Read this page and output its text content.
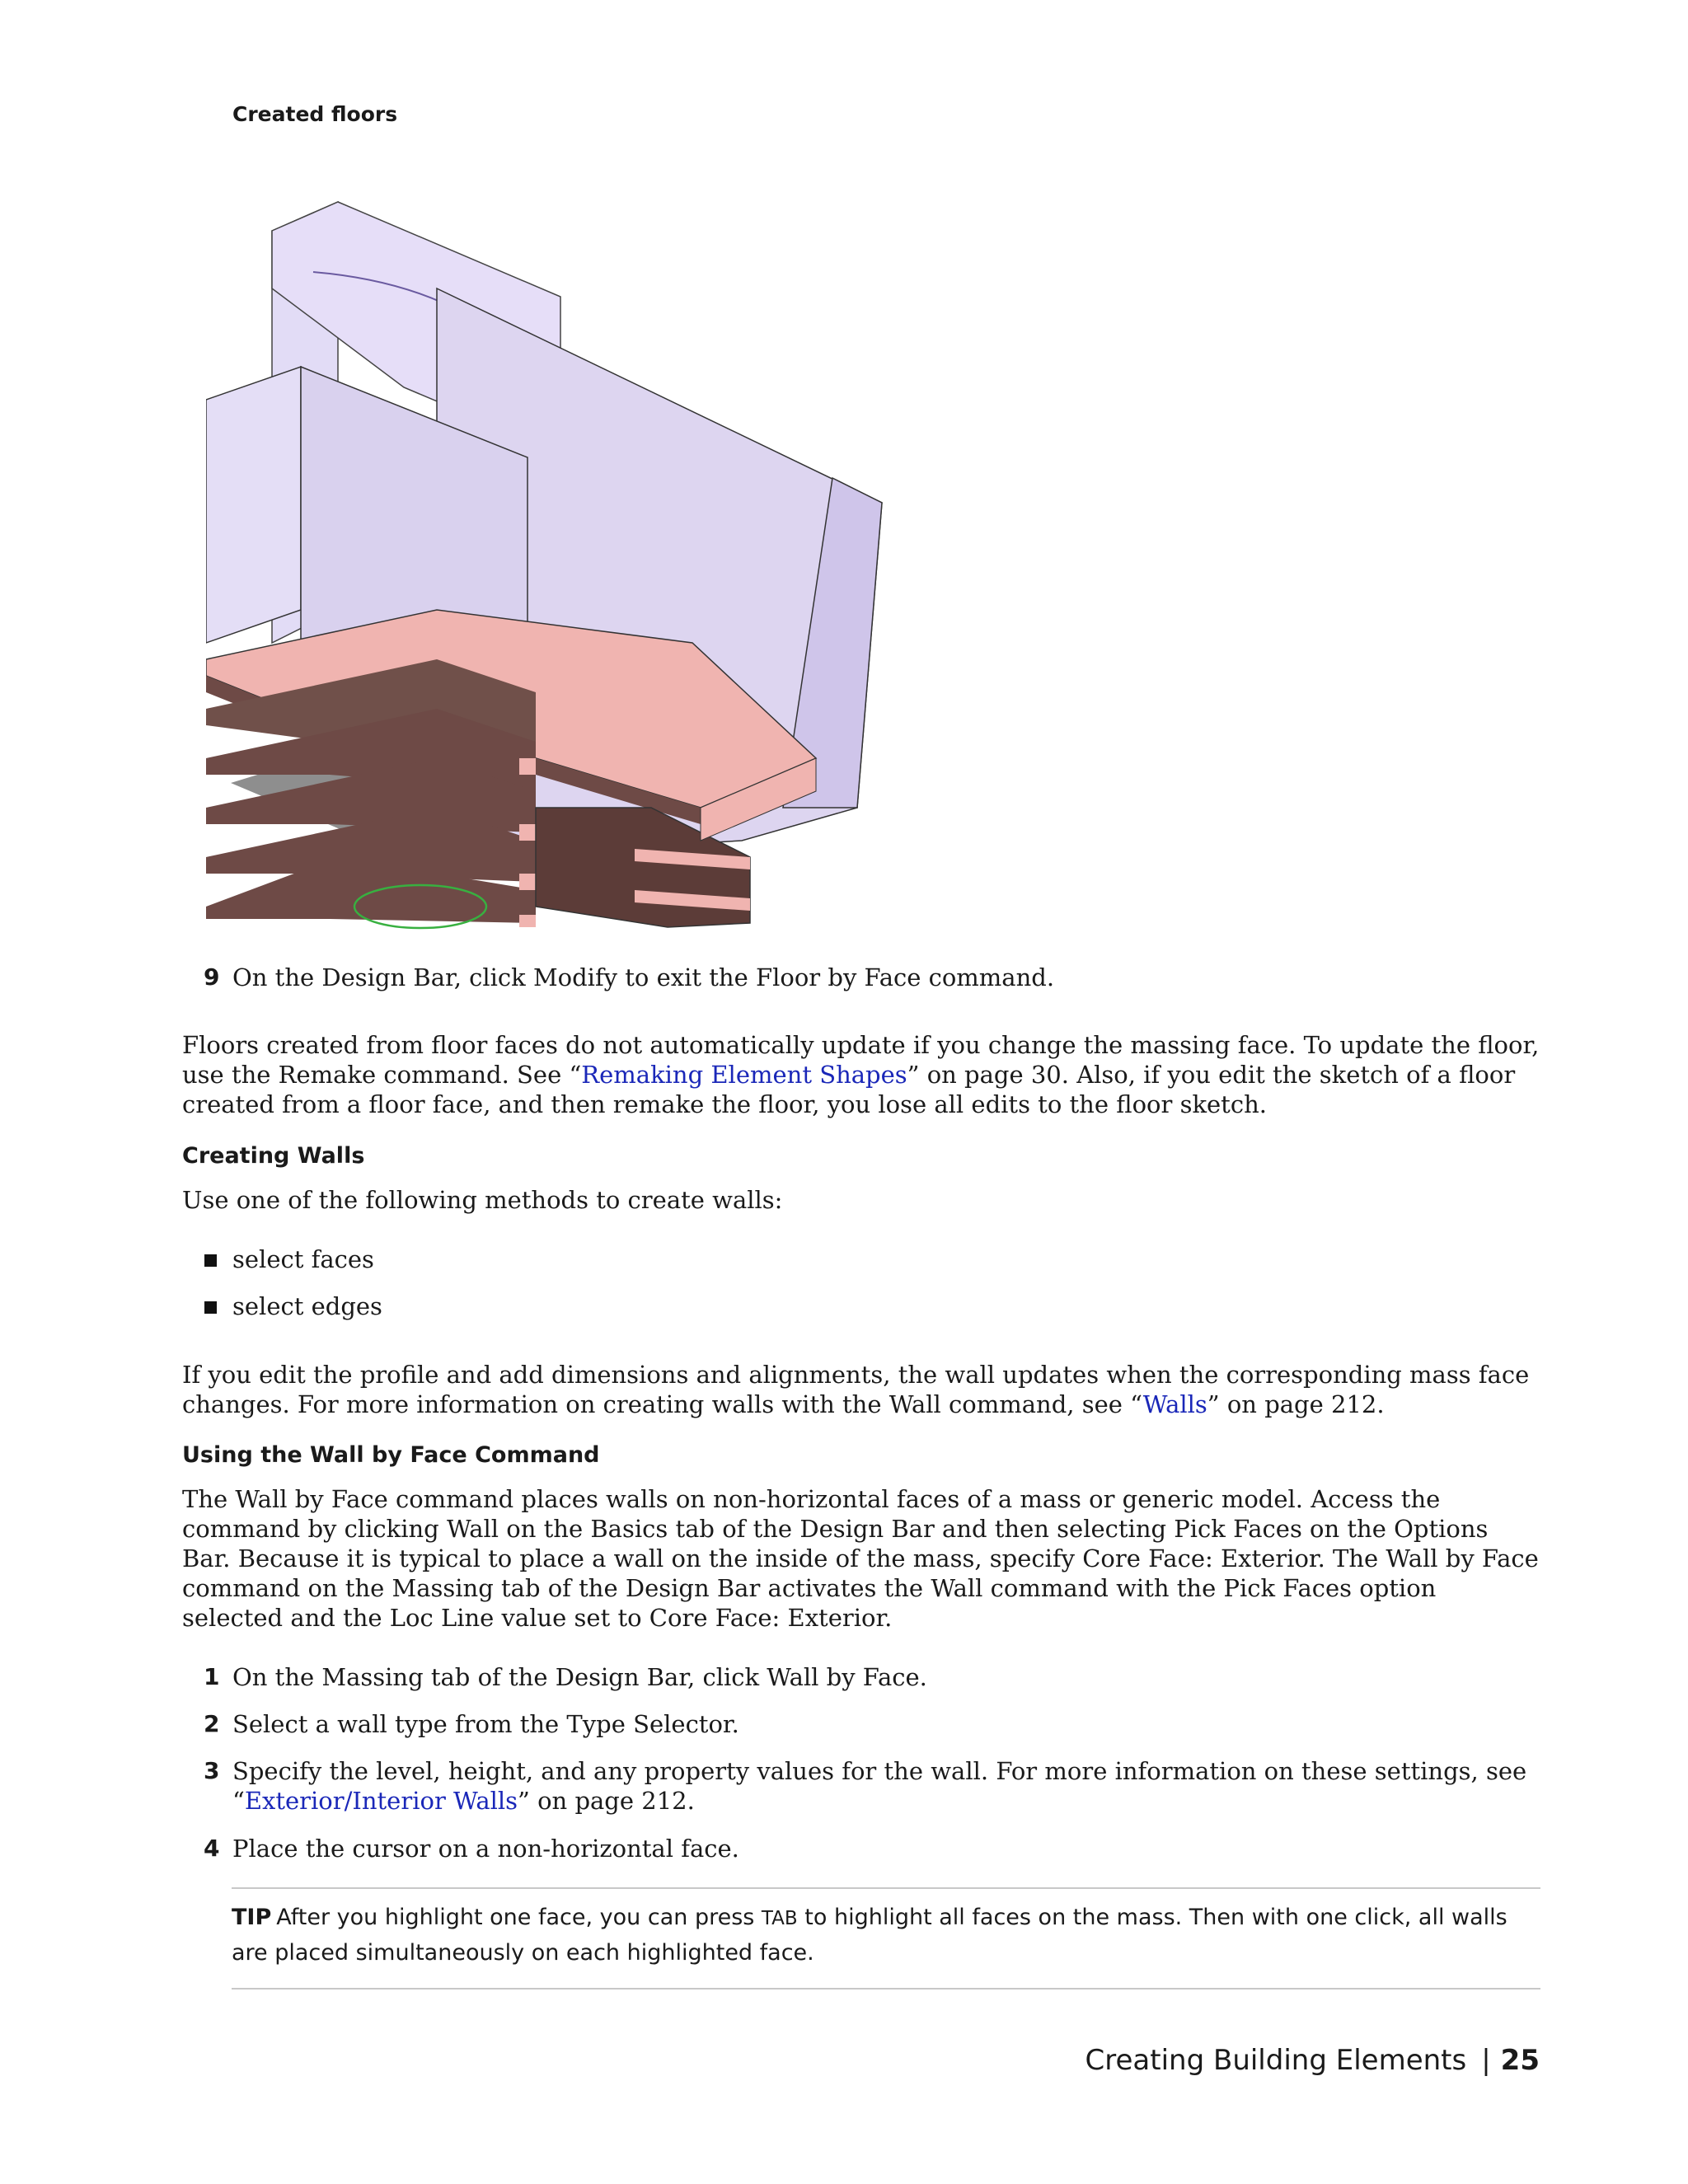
Created floors
9 On the Design Bar, click Modify to exit the Floor by Face command.
Floors created from floor faces do not automatically update if you change the massing face. To update the floor, use the Remake command. See “Remaking Element Shapes” on page 30. Also, if you edit the sketch of a floor created from a floor face, and then remake the floor, you lose all edits to the floor sketch.
Creating Walls
Use one of the following methods to create walls:
select faces
select edges
If you edit the profile and add dimensions and alignments, the wall updates when the corresponding mass face changes. For more information on creating walls with the Wall command, see “Walls” on page 212.
Using the Wall by Face Command
The Wall by Face command places walls on non-horizontal faces of a mass or generic model. Access the command by clicking Wall on the Basics tab of the Design Bar and then selecting Pick Faces on the Options Bar. Because it is typical to place a wall on the inside of the mass, specify Core Face: Exterior. The Wall by Face command on the Massing tab of the Design Bar activates the Wall command with the Pick Faces option selected and the Loc Line value set to Core Face: Exterior.
1 On the Massing tab of the Design Bar, click Wall by Face.
2 Select a wall type from the Type Selector.
3 Specify the level, height, and any property values for the wall. For more information on these settings, see “Exterior/Interior Walls” on page 212.
4 Place the cursor on a non-horizontal face.
TIP After you highlight one face, you can press TAB to highlight all faces on the mass. Then with one click, all walls are placed simultaneously on each highlighted face.
Creating Building Elements | 25
